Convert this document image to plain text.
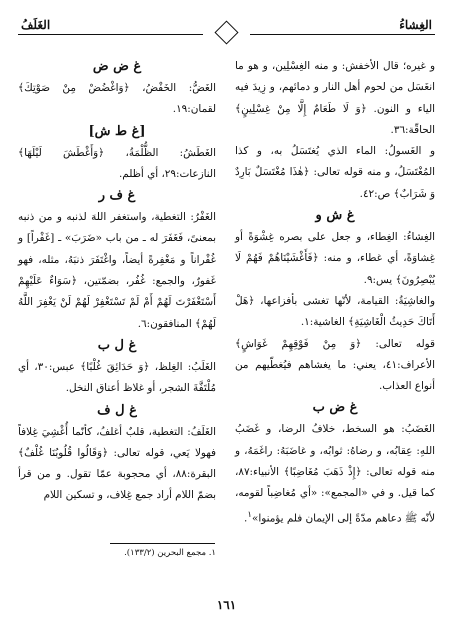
الغِشاءُ
الغَلَفُ

و غيره؛ قال الأخفش: و منه الغِسْلِين، و هو ما انغَسَل من لحوم أهل النار و دمائهم، و زِيدَ فيه الياء و النون. ﴿وَ لَا طَعَامٌ إِلَّا مِنْ غِسْلِينٍ﴾ الحاقّة:٣٦.

و الغَسولُ: الماء الذي يُغتَسَلُ به، و كذا المُغْتَسَلُ، و منه قوله تعالى: ﴿هٰذَا مُغْتَسَلٌ بَارِدٌ وَ شَرَابٌ﴾ ص:٤٢.

غ ش و

الغِشاءُ: الغِطاء، و جعل على بصره غِشْوَةً أو غِشاوَةً، أي غطاء، و منه: ﴿فَأَغْشَيْنَاهُمْ فَهُمْ لَا يُبْصِرُونَ﴾ يس:٩.

والغاشِيَةُ: القيامة، لأنّها تغشى بأفزاعها، ﴿هَلْ أَتَاكَ حَدِيثُ الْغَاشِيَةِ﴾ الغاشية:١.

قوله تعالى: ﴿وَ مِنْ فَوْقِهِمْ غَوَاشٍ﴾ الأعراف:٤١، يعني: ما يغشاهم فيُغطّيهم من أنواع العذاب.

غ ض ب

الغَضَبُ: هو السخط، خلافُ الرضا، و غَضَبُ اللهِ: عِقابُه، و رضاهُ: ثوابُه، و غاضَبَهُ: راغَمَهُ، و منه قوله تعالى: ﴿إِذْ ذَهَبَ مُغَاضِبًا﴾ الأنبياء:٨٧، كما قيل. و في «المجمع»: «أي مُغاضِباً لقومه، لأنّه ﷺ دعاهم مدّةً إلى الإيمان فلم يؤمنوا»$^١$.

غ ض ض

الغَضُّ: الخَفْضُ، ﴿وَاغْضُضْ مِنْ صَوْتِكَ﴾ لقمان:١٩.

[غ ط ش]

الغَطَشُ: الظُّلْمَةُ، ﴿وَأَغْطَشَ لَيْلَهَا﴾ النازعات:٢٩، أي أظلم.

غ ف ر

الغَفْرُ: التغطية، واستغفر اللهَ لذنبه و من ذنبه بمعنىً، فَغَفَرَ له ـ من باب «ضَرَبَ» ـ [غَفْراً] و غُفْراناً و مَغْفِرةً أيضاً، واغْتَفَرَ ذنبَهُ، مثله، فهو غَفورٌ، والجمع: غُفُر، بضمّتين، ﴿سَوَاءٌ عَلَيْهِمْ أَسْتَغْفَرْتَ لَهُمْ أَمْ لَمْ تَسْتَغْفِرْ لَهُمْ لَنْ يَغْفِرَ اللَّهُ لَهُمْ﴾ المنافقون:٦.

غ ل ب

الغَلَبُ: الغِلظ، ﴿وَ حَدَائِقَ غُلْبًا﴾ عبس:٣٠، أي مُلْتَفَّةَ الشجر، أو غلاظ أعناق النخل.

غ ل ف

الغَلَفُ: التغطية، قلبٌ أغلفُ، كأنّما أُغْشِيَ غِلافاً فهولا يَعي، قوله تعالى: ﴿وَقَالُوا قُلُوبُنَا غُلْفٌ﴾ البقرة:٨٨، أي محجوبة عمّا تقول. و من قرأ بضمّ اللام أراد جمع غِلاف، و تسكين اللام

١. مجمع البحرين (١٣٣/٢).
١٦١
